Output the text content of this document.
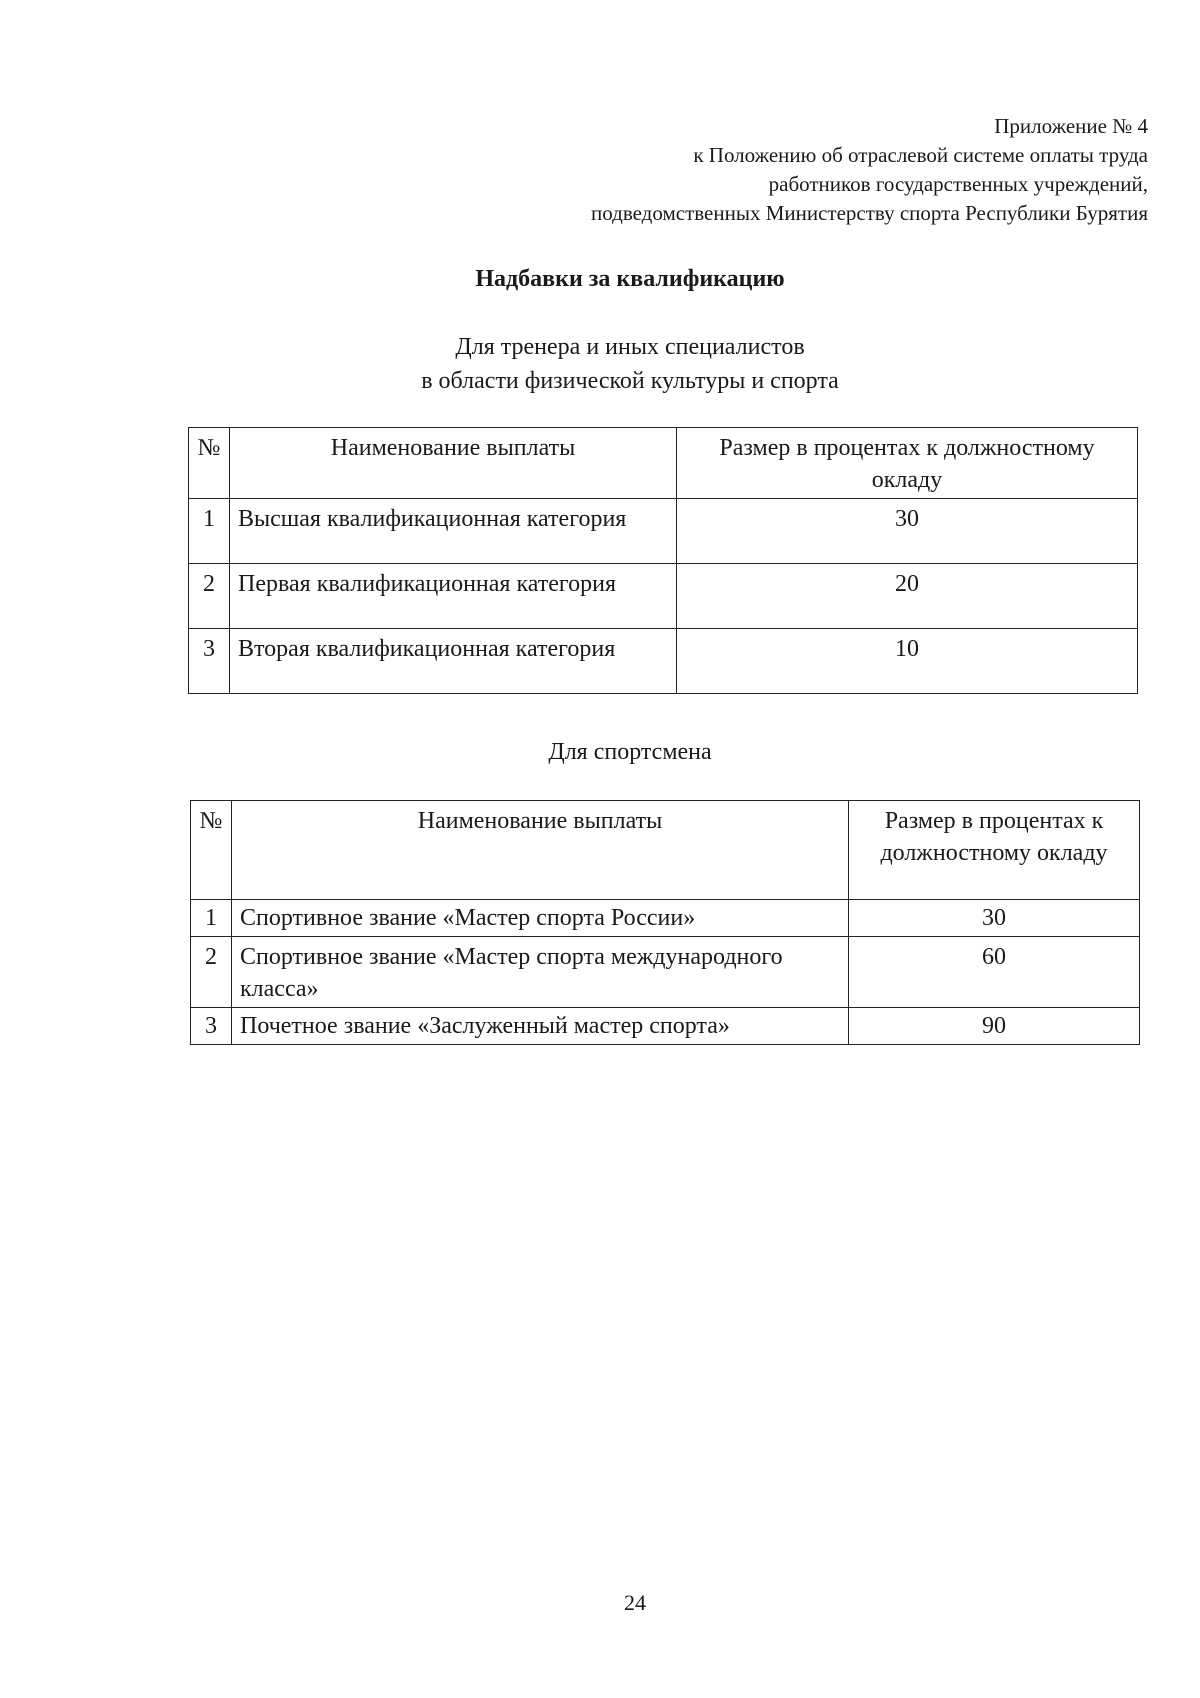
Приложение № 4
к Положению об отраслевой системе оплаты труда
работников государственных учреждений,
подведомственных Министерству спорта Республики Бурятия
Надбавки за квалификацию
Для тренера и иных специалистов
в области физической культуры и спорта
№	Наименование выплаты	Размер в процентах к должностному окладу
1	Высшая квалификационная категория	30
2	Первая квалификационная категория	20
3	Вторая квалификационная категория	10
Для спортсмена
№	Наименование выплаты	Размер в процентах к должностному окладу
1	Спортивное звание «Мастер спорта России»	30
2	Спортивное звание «Мастер спорта международного класса»	60
3	Почетное звание «Заслуженный мастер спорта»	90
24
